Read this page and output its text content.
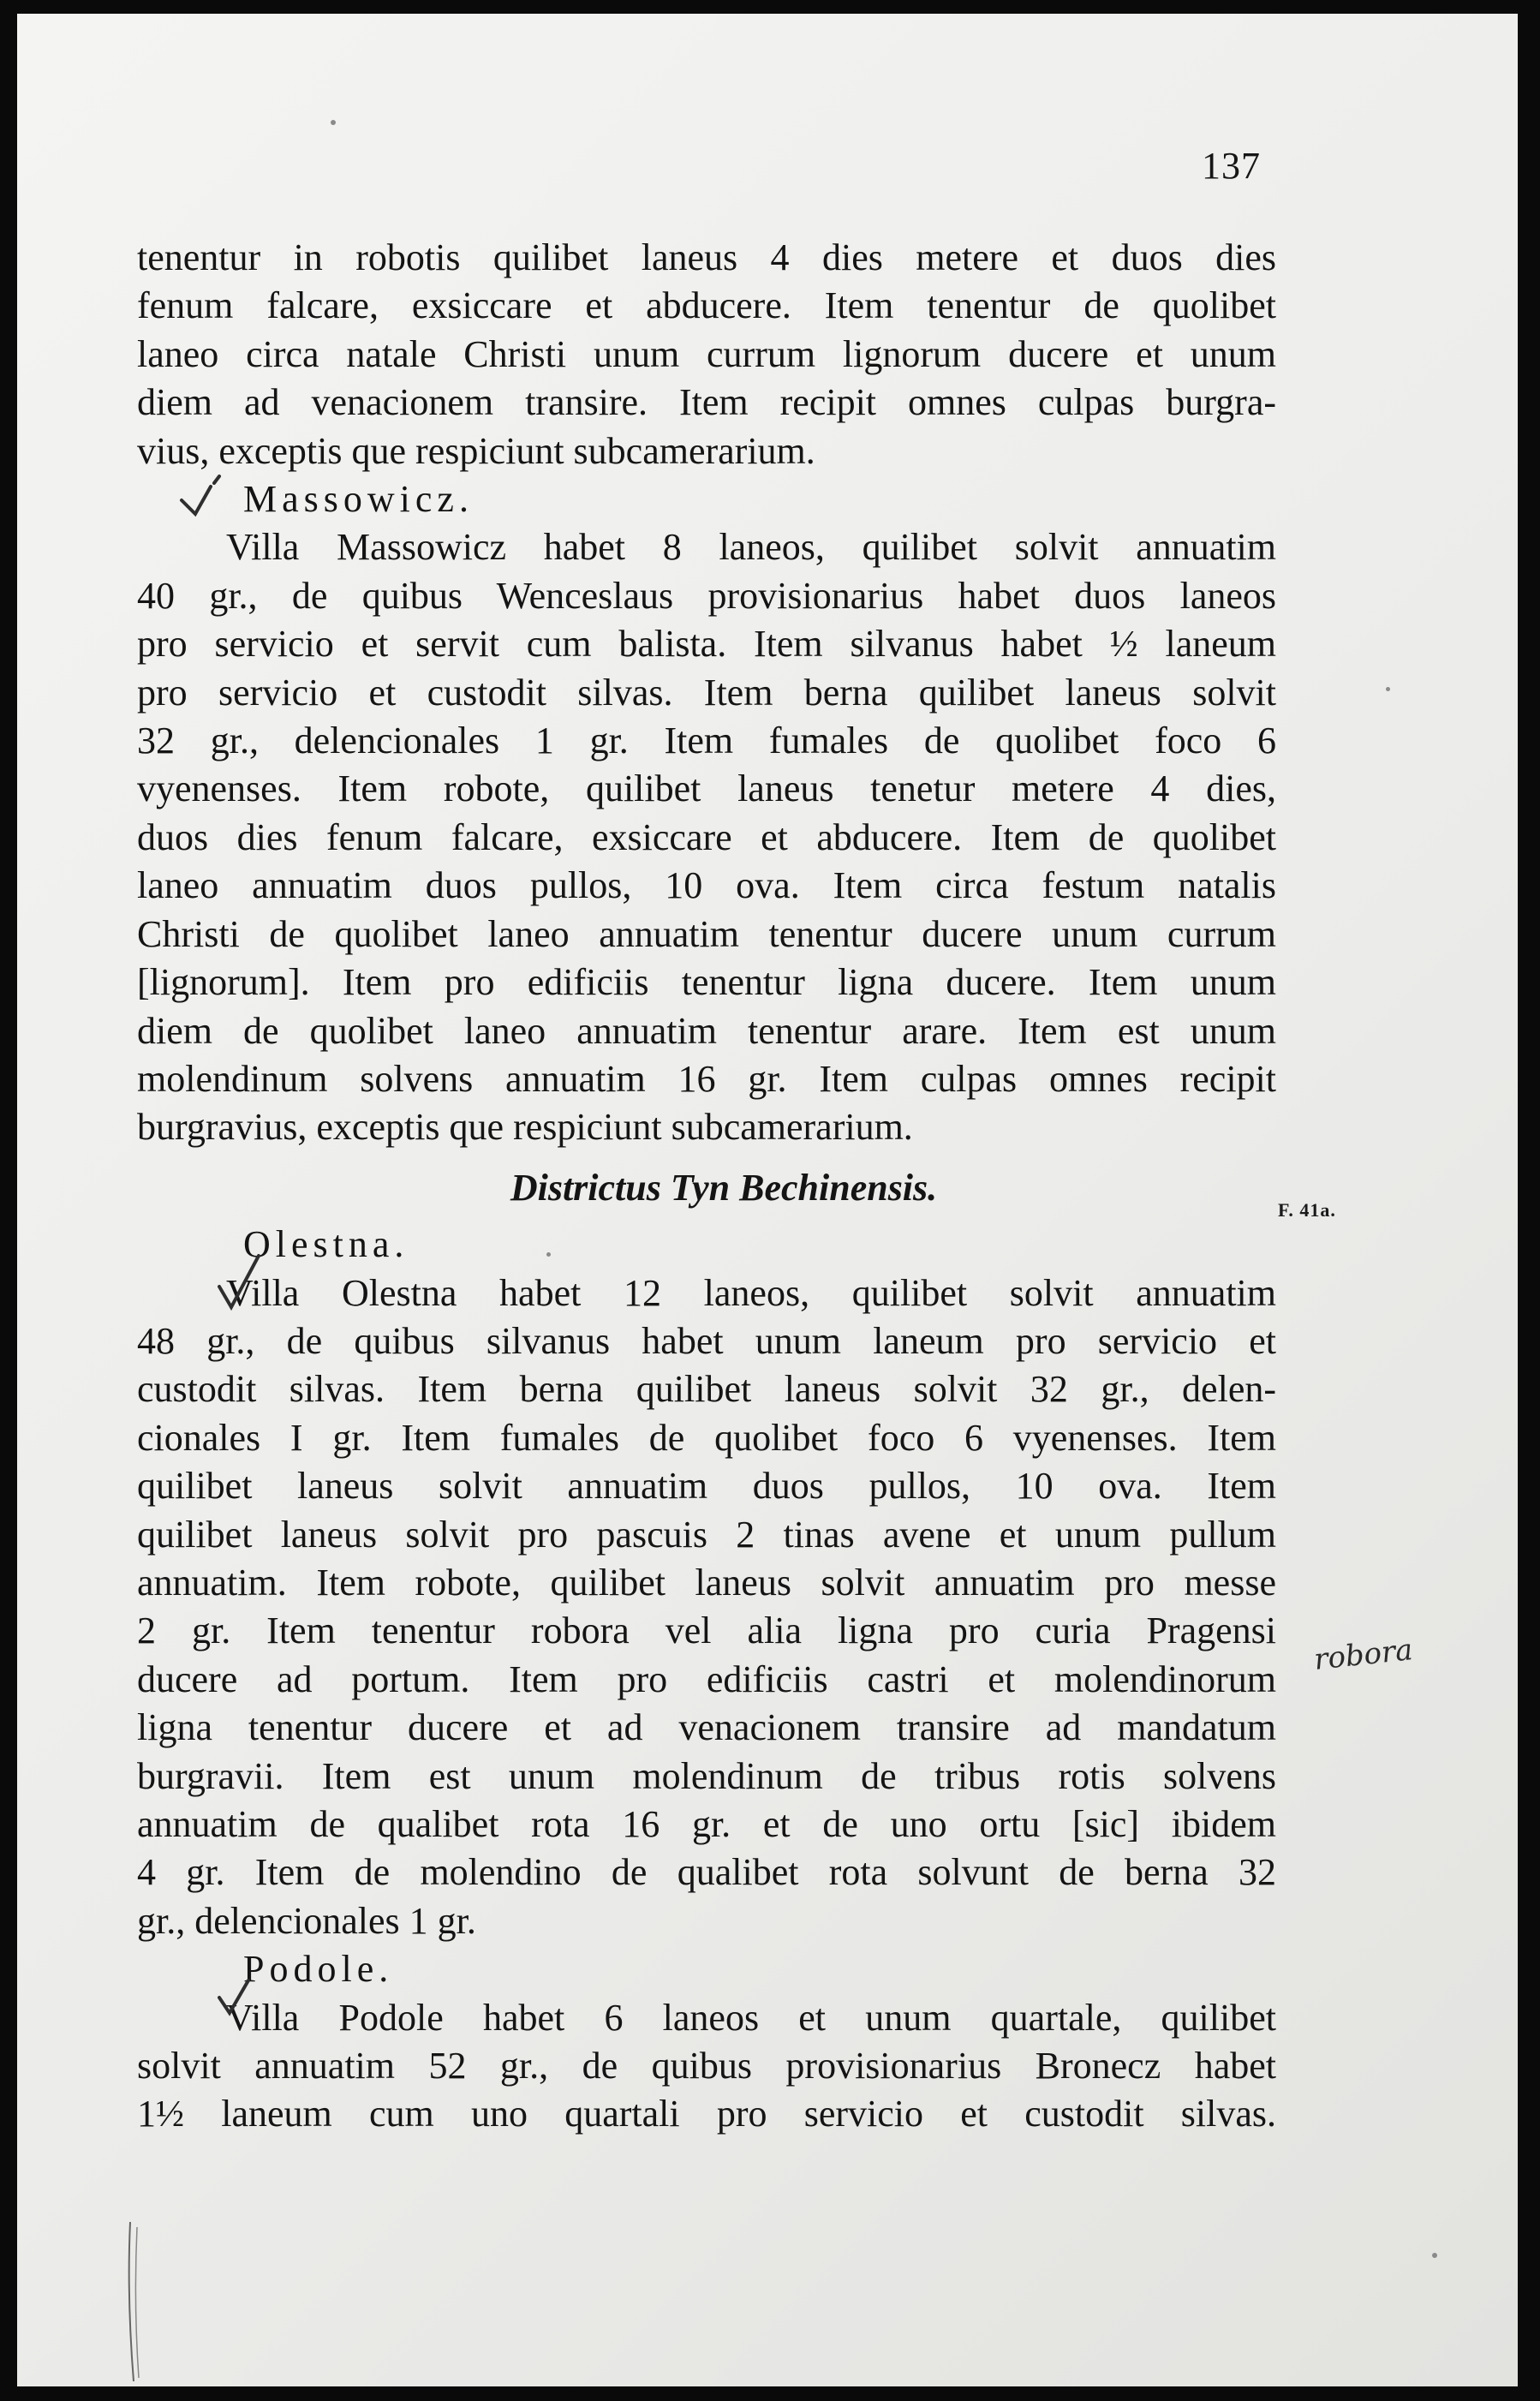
137
tenentur in robotis quilibet laneus 4 dies metere et duos dies
fenum falcare, exsiccare et abducere. Item tenentur de quolibet
laneo circa natale Christi unum currum lignorum ducere et unum
diem ad venacionem transire. Item recipit omnes culpas burgra-
vius, exceptis que respiciunt subcamerarium.
Massowicz.
Villa Massowicz habet 8 laneos, quilibet solvit annuatim
40 gr., de quibus Wenceslaus provisionarius habet duos laneos
pro servicio et servit cum balista. Item silvanus habet ½ laneum
pro servicio et custodit silvas. Item berna quilibet laneus solvit
32 gr., delencionales 1 gr. Item fumales de quolibet foco 6
vyenenses. Item robote, quilibet laneus tenetur metere 4 dies,
duos dies fenum falcare, exsiccare et abducere. Item de quolibet
laneo annuatim duos pullos, 10 ova. Item circa festum natalis
Christi de quolibet laneo annuatim tenentur ducere unum currum
[lignorum]. Item pro edificiis tenentur ligna ducere. Item unum
diem de quolibet laneo annuatim tenentur arare. Item est unum
molendinum solvens annuatim 16 gr. Item culpas omnes recipit
burgravius, exceptis que respiciunt subcamerarium.
Districtus Tyn Bechinensis.
Olestna.
Villa Olestna habet 12 laneos, quilibet solvit annuatim
48 gr., de quibus silvanus habet unum laneum pro servicio et
custodit silvas. Item berna quilibet laneus solvit 32 gr., delen-
cionales I gr. Item fumales de quolibet foco 6 vyenenses. Item
quilibet laneus solvit annuatim duos pullos, 10 ova. Item
quilibet laneus solvit pro pascuis 2 tinas avene et unum pullum
annuatim. Item robote, quilibet laneus solvit annuatim pro messe
2 gr. Item tenentur robora vel alia ligna pro curia Pragensi
ducere ad portum. Item pro edificiis castri et molendinorum
ligna tenentur ducere et ad venacionem transire ad mandatum
burgravii. Item est unum molendinum de tribus rotis solvens
annuatim de qualibet rota 16 gr. et de uno ortu [sic] ibidem
4 gr. Item de molendino de qualibet rota solvunt de berna 32
gr., delencionales 1 gr.
Podole.
Villa Podole habet 6 laneos et unum quartale, quilibet
solvit annuatim 52 gr., de quibus provisionarius Bronecz habet
1½ laneum cum uno quartali pro servicio et custodit silvas.
F. 41a.
robora
